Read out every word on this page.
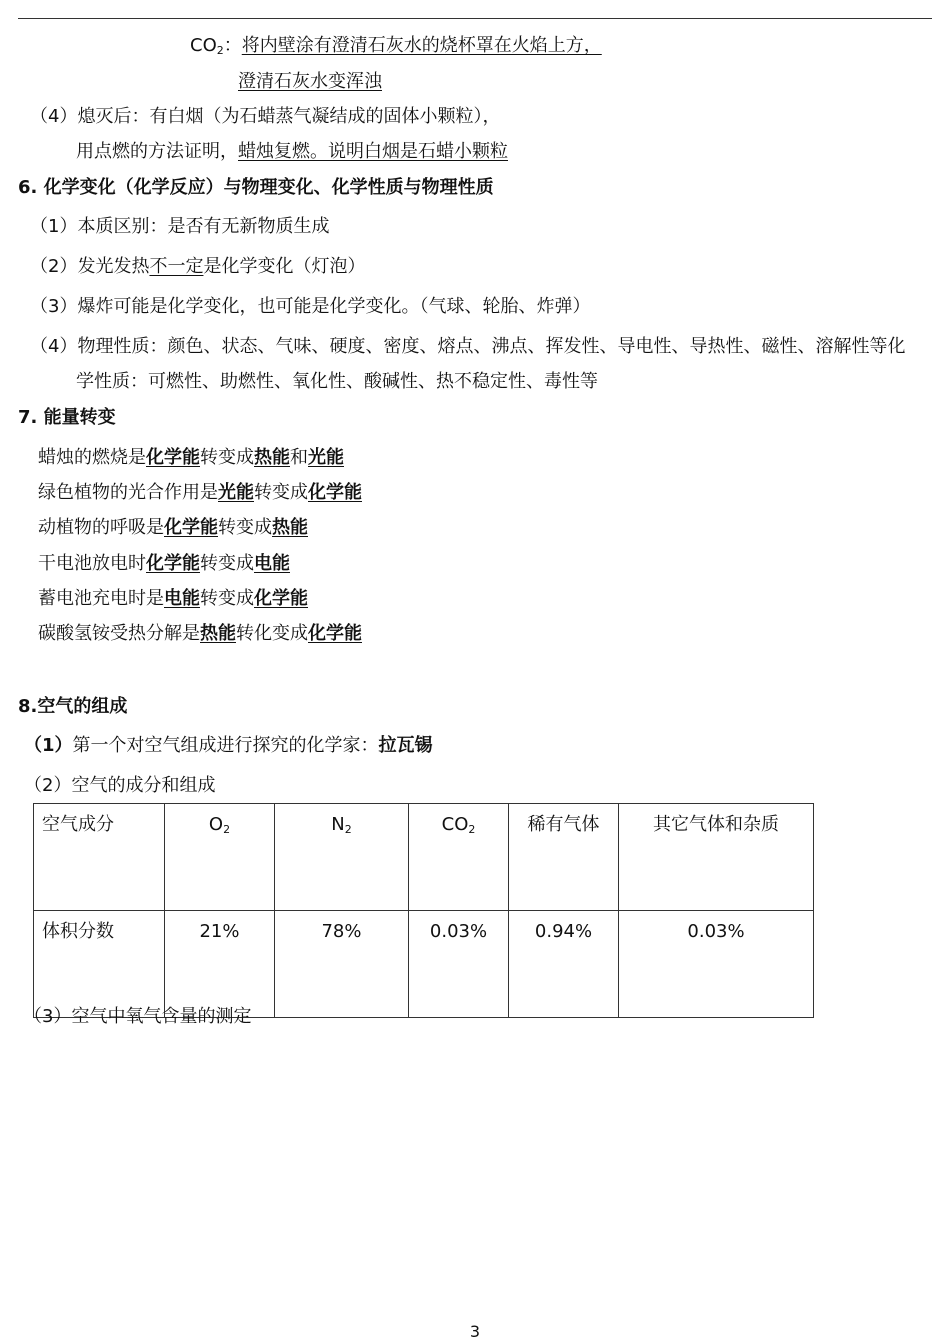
$CO_2$：将内壁涂有澄清石灰水的烧杯罩在火焰上方，
澄清石灰水变浑浊
（4）熄灭后：有白烟（为石蜡蒸气凝结成的固体小颗粒），
用点燃的方法证明，蜡烛复燃。说明白烟是石蜡小颗粒
6. 化学变化（化学反应）与物理变化、化学性质与物理性质
（1）本质区别：是否有无新物质生成
（2）发光发热不一定是化学变化（灯泡）
（3）爆炸可能是化学变化，也可能是化学变化。（气球、轮胎、炸弹）
（4）物理性质：颜色、状态、气味、硬度、密度、熔点、沸点、挥发性、导电性、导热性、磁性、溶解性等化
学性质：可燃性、助燃性、氧化性、酸碱性、热不稳定性、毒性等
7. 能量转变
蜡烛的燃烧是化学能转变成热能和光能
绿色植物的光合作用是光能转变成化学能
动植物的呼吸是化学能转变成热能
干电池放电时化学能转变成电能
蓄电池充电时是电能转变成化学能
碳酸氢铵受热分解是热能转化变成化学能
8.空气的组成
（1）第一个对空气组成进行探究的化学家：拉瓦锡
（2）空气的成分和组成
空气成分	$O_2$	$N_2$	$CO_2$	稀有气体	其它气体和杂质
体积分数	21%	78%	0.03%	0.94%	0.03%
（3）空气中氧气含量的测定
3
